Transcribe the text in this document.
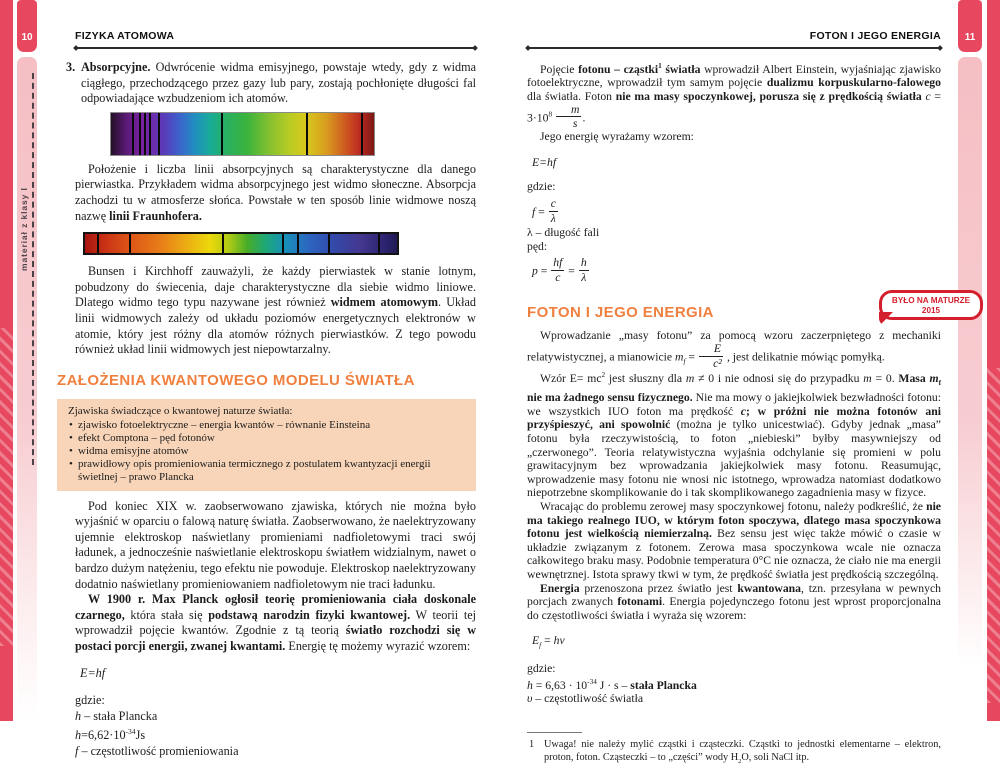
10
materiał z klasy I
11
FIZYKA ATOMOWA	FOTON I JEGO ENERGIA

3. Absorpcyjne. Odwrócenie widma emisyjnego, powstaje wtedy, gdy z widma ciągłego, przechodzącego przez gazy lub pary, zostają pochłonięte długości fal odpowiadające wzbudzeniom ich atomów.

Położenie i liczba linii absorpcyjnych są charakterystyczne dla danego pierwiastka. Przykładem widma absorpcyjnego jest widmo słoneczne. Absorpcja zachodzi tu w atmosferze słońca. Powstałe w ten sposób linie widmowe noszą nazwę linii Fraunhofera.

Bunsen i Kirchhoff zauważyli, że każdy pierwiastek w stanie lotnym, pobudzony do świecenia, daje charakterystyczne dla siebie widmo liniowe. Dlatego widmo tego typu nazywane jest również widmem atomowym. Układ linii widmowych zależy od układu poziomów energetycznych elektronów w atomie, który jest różny dla atomów różnych pierwiastków. Z tego powodu również układ linii widmowych jest niepowtarzalny.

ZAŁOŻENIA KWANTOWEGO MODELU ŚWIATŁA
Zjawiska świadczące o kwantowej naturze światła:
• zjawisko fotoelektryczne – energia kwantów – równanie Einsteina
• efekt Comptona – pęd fotonów
• widma emisyjne atomów
• prawidłowy opis promieniowania termicznego z postulatem kwantyzacji energii świetlnej – prawo Plancka

Pod koniec XIX w. zaobserwowano zjawiska, których nie można było wyjaśnić w oparciu o falową naturę światła. Zaobserwowano, że naelektryzowany ujemnie elektroskop naświetlany promieniami nadfioletowymi traci swój ładunek, a jednocześnie naświetlanie elektroskopu światłem widzialnym, nawet o bardzo dużym natężeniu, tego efektu nie powoduje. Elektroskop naelektryzowany dodatnio naświetlany promieniowaniem nadfioletowym nie traci ładunku.

W 1900 r. Max Planck ogłosił teorię promieniowania ciała doskonale czarnego, która stała się podstawą narodzin fizyki kwantowej. W teorii tej wprowadził pojęcie kwantów. Zgodnie z tą teorią światło rozchodzi się w postaci porcji energii, zwanej kwantami. Energię tę możemy wyrazić wzorem:

E=hf

gdzie:

h – stała Plancka

$h=6,62\cdot 10^{-34}Js$

f – częstotliwość promieniowania

Pojęcie fotonu – cząstki$^1$ światła wprowadził Albert Einstein, wyjaśniając zjawisko fotoelektryczne, wprowadził tym samym pojęcie dualizmu korpuskularno-falowego dla światła. Foton nie ma masy spoczynkowej, porusza się z prędkością światła $c = 3\cdot 10^8 \frac{m}{s}$ .

Jego energię wyrażamy wzorem:

E=hf

gdzie:

$f = \frac{c}{\lambda}$

λ – długość fali

pęd:

$p = \frac{hf}{c} = \frac{h}{\lambda}$

FOTON I JEGO ENERGIA
BYŁO NA MATURZE
2015

Wprowadzanie „masy fotonu” za pomocą wzoru zaczerpniętego z mechaniki relatywistycznej, a mianowicie $m_f = \frac{E}{\text{c²}}$ , jest delikatnie mówiąc pomyłką.

Wzór $E= mc^2$ jest słuszny dla m ≠ 0 i nie odnosi się do przypadku m = 0. Masa $m_f$ nie ma żadnego sensu fizycznego. Nie ma mowy o jakiejkolwiek bezwładności fotonu: we wszystkich IUO foton ma prędkość c; w próżni nie można fotonów ani przyśpieszyć, ani spowolnić (można je tylko unicestwiać). Gdyby jednak „masa” fotonu była rzeczywistością, to foton „niebieski” byłby masywniejszy od „czerwonego”. Teoria relatywistyczna wyjaśnia odchylanie się promieni w polu grawitacyjnym bez wprowadzania jakiejkolwiek masy fotonu. Reasumując, wprowadzenie masy fotonu nie wnosi nic istotnego, wprowadza natomiast dodatkowo niepotrzebne skomplikowanie do i tak skomplikowanego zagadnienia masy w fizyce.

Wracając do problemu zerowej masy spoczynkowej fotonu, należy podkreślić, że nie ma takiego realnego IUO, w którym foton spoczywa, dlatego masa spoczynkowa fotonu jest wielkością niemierzalną. Bez sensu jest więc także mówić o czasie w układzie związanym z fotonem. Zerowa masa spoczynkowa wcale nie oznacza całkowitego braku masy. Podobnie temperatura 0°C nie oznacza, że ciało nie ma energii wewnętrznej. Istota sprawy tkwi w tym, że prędkość światła jest prędkością szczególną.

Energia przenoszona przez światło jest kwantowana, tzn. przesyłana w pewnych porcjach zwanych fotonami. Energia pojedynczego fotonu jest wprost proporcjonalna do częstotliwości światła i wyraża się wzorem:

$E_f = h\nu$

gdzie:

$h = 6,63 \cdot 10^{-34}$ J · s – stała Plancka

υ – częstotliwość światła

1 Uwaga! nie należy mylić cząstki i cząsteczki. Cząstki to jednostki elementarne – elektron, proton, foton. Cząsteczki – to „części” wody $H_2O$, soli NaCl itp.
